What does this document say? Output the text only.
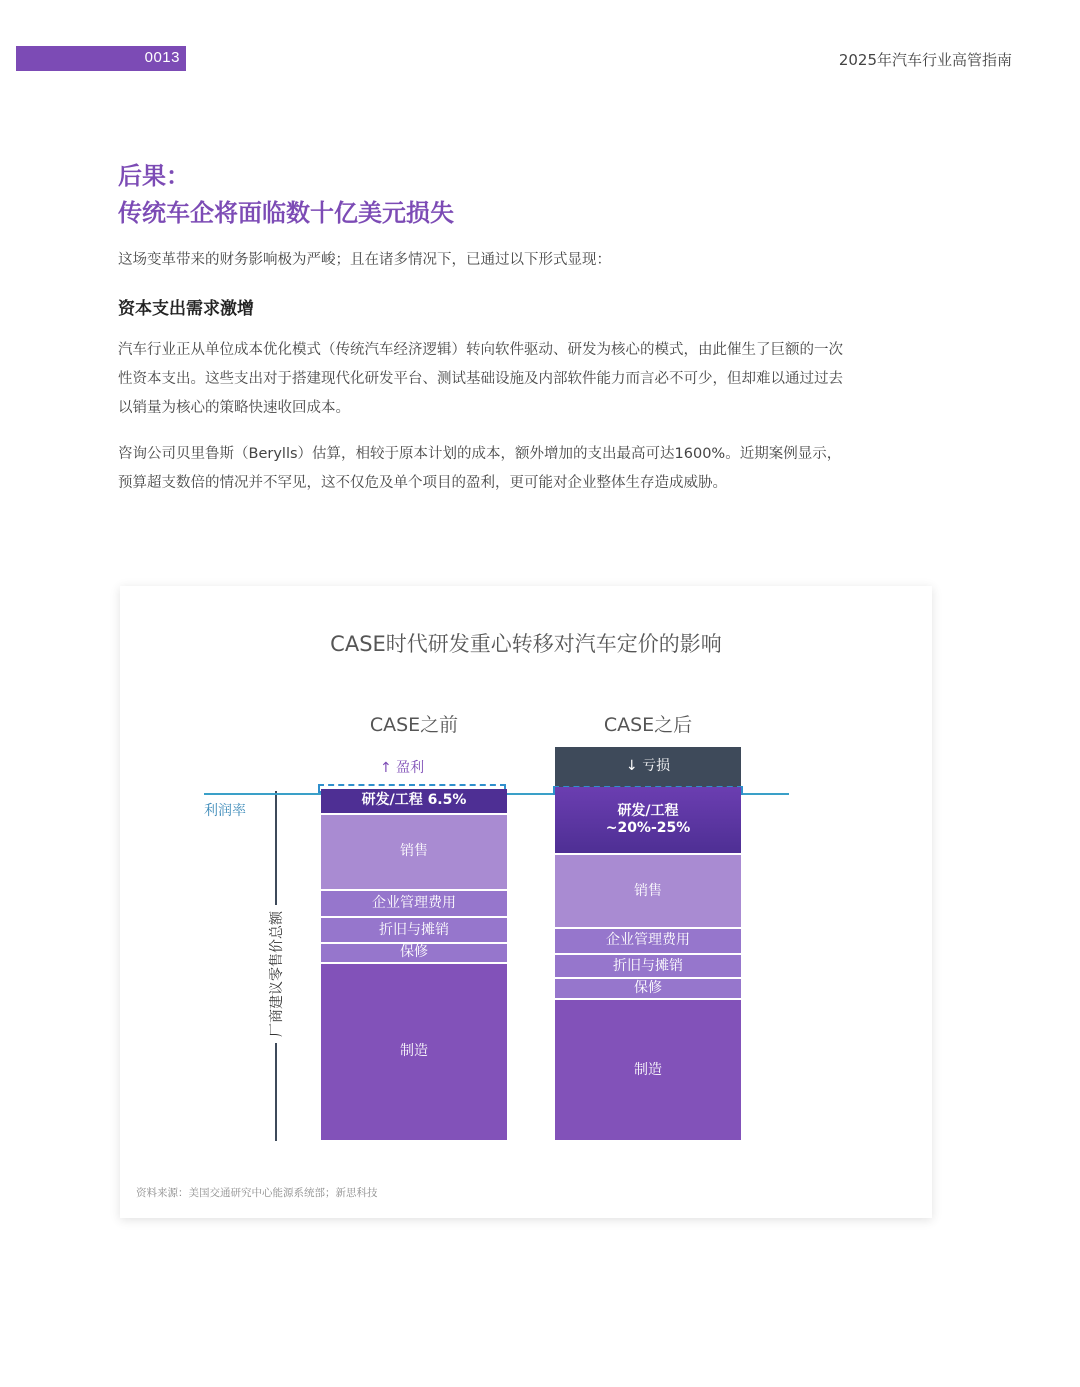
0013	2025年汽车行业高管指南
后果：
传统车企将面临数十亿美元损失
这场变革带来的财务影响极为严峻；且在诸多情况下，已通过以下形式显现：
资本支出需求激增
汽车行业正从单位成本优化模式（传统汽车经济逻辑）转向软件驱动、研发为核心的模式，由此催生了巨额的一次性资本支出。这些支出对于搭建现代化研发平台、测试基础设施及内部软件能力而言必不可少，但却难以通过过去以销量为核心的策略快速收回成本。
咨询公司贝里鲁斯（Berylls）估算，相较于原本计划的成本，额外增加的支出最高可达1600%。近期案例显示，预算超支数倍的情况并不罕见，这不仅危及单个项目的盈利，更可能对企业整体生存造成威胁。
CASE时代研发重心转移对汽车定价的影响
CASE之前	CASE之后
↑ 盈利	↓ 亏损
厂商建议零售价总额
利润率
资料来源：美国交通研究中心能源系统部；新思科技
研发/工程 6.5%
销售
企业管理费用
折旧与摊销
保修
制造
研发/工程
~20%-25%
销售
企业管理费用
折旧与摊销
保修
制造
